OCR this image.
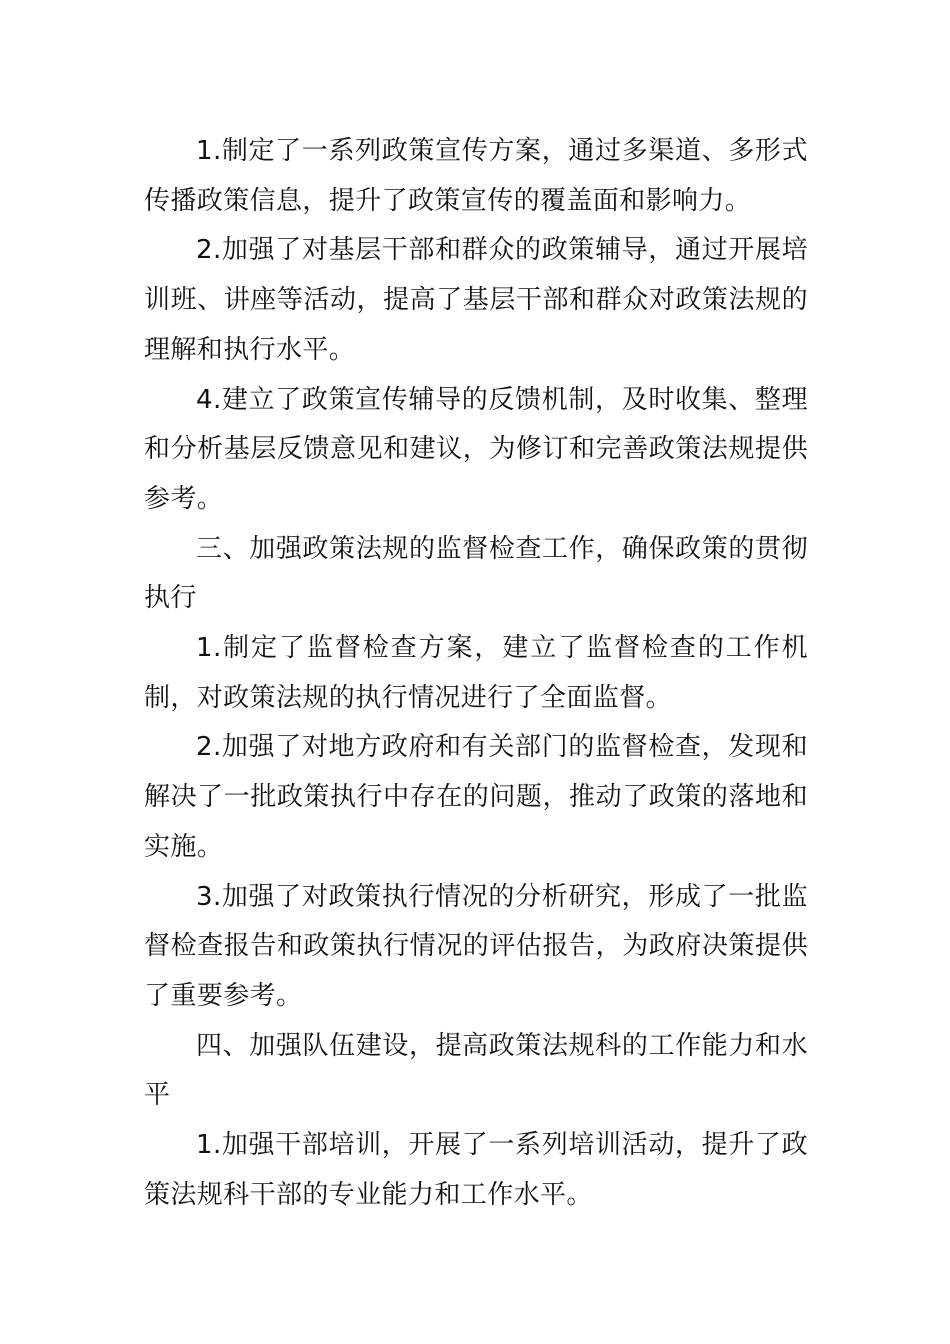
1.制定了一系列政策宣传方案，通过多渠道、多形式传播政策信息，提升了政策宣传的覆盖面和影响力。

2.加强了对基层干部和群众的政策辅导，通过开展培训班、讲座等活动，提高了基层干部和群众对政策法规的理解和执行水平。

4.建立了政策宣传辅导的反馈机制，及时收集、整理和分析基层反馈意见和建议，为修订和完善政策法规提供参考。

三、加强政策法规的监督检查工作，确保政策的贯彻执行

1.制定了监督检查方案，建立了监督检查的工作机制，对政策法规的执行情况进行了全面监督。

2.加强了对地方政府和有关部门的监督检查，发现和解决了一批政策执行中存在的问题，推动了政策的落地和实施。

3.加强了对政策执行情况的分析研究，形成了一批监督检查报告和政策执行情况的评估报告，为政府决策提供了重要参考。

四、加强队伍建设，提高政策法规科的工作能力和水平

1.加强干部培训，开展了一系列培训活动，提升了政策法规科干部的专业能力和工作水平。
